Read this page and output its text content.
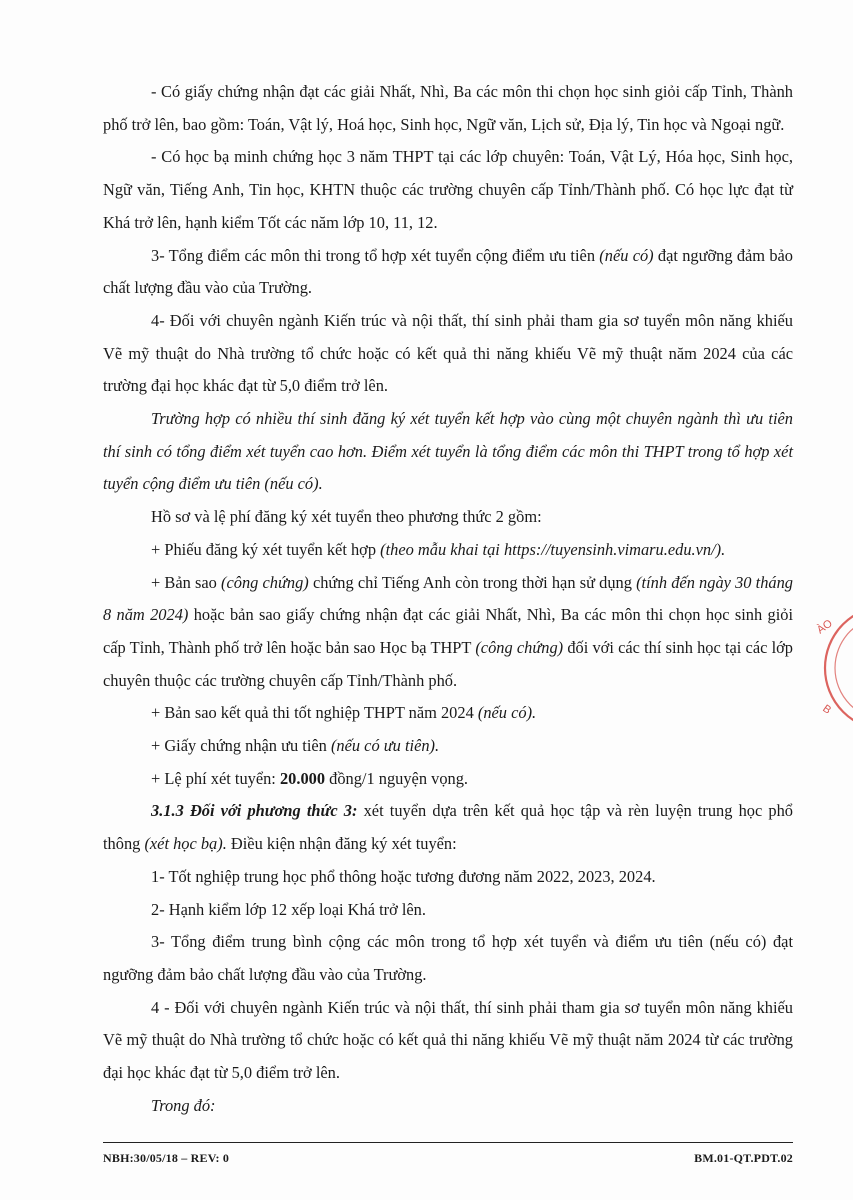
- Có giấy chứng nhận đạt các giải Nhất, Nhì, Ba các môn thi chọn học sinh giỏi cấp Tỉnh, Thành phố trở lên, bao gồm: Toán, Vật lý, Hoá học, Sinh học, Ngữ văn, Lịch sử, Địa lý, Tin học và Ngoại ngữ.

- Có học bạ minh chứng học 3 năm THPT tại các lớp chuyên: Toán, Vật Lý, Hóa học, Sinh học, Ngữ văn, Tiếng Anh, Tin học, KHTN thuộc các trường chuyên cấp Tỉnh/Thành phố. Có học lực đạt từ Khá trở lên, hạnh kiểm Tốt các năm lớp 10, 11, 12.

3- Tổng điểm các môn thi trong tổ hợp xét tuyển cộng điểm ưu tiên (nếu có) đạt ngưỡng đảm bảo chất lượng đầu vào của Trường.

4- Đối với chuyên ngành Kiến trúc và nội thất, thí sinh phải tham gia sơ tuyển môn năng khiếu Vẽ mỹ thuật do Nhà trường tổ chức hoặc có kết quả thi năng khiếu Vẽ mỹ thuật năm 2024 của các trường đại học khác đạt từ 5,0 điểm trở lên.

Trường hợp có nhiều thí sinh đăng ký xét tuyển kết hợp vào cùng một chuyên ngành thì ưu tiên thí sinh có tổng điểm xét tuyển cao hơn. Điểm xét tuyển là tổng điểm các môn thi THPT trong tổ hợp xét tuyển cộng điểm ưu tiên (nếu có).

Hồ sơ và lệ phí đăng ký xét tuyển theo phương thức 2 gồm:

+ Phiếu đăng ký xét tuyển kết hợp (theo mẫu khai tại https://tuyensinh.vimaru.edu.vn/).

+ Bản sao (công chứng) chứng chỉ Tiếng Anh còn trong thời hạn sử dụng (tính đến ngày 30 tháng 8 năm 2024) hoặc bản sao giấy chứng nhận đạt các giải Nhất, Nhì, Ba các môn thi chọn học sinh giỏi cấp Tỉnh, Thành phố trở lên hoặc bản sao Học bạ THPT (công chứng) đối với các thí sinh học tại các lớp chuyên thuộc các trường chuyên cấp Tỉnh/Thành phố.

+ Bản sao kết quả thi tốt nghiệp THPT năm 2024 (nếu có).

+ Giấy chứng nhận ưu tiên (nếu có ưu tiên).

+ Lệ phí xét tuyển: 20.000 đồng/1 nguyện vọng.

3.1.3 Đối với phương thức 3: xét tuyển dựa trên kết quả học tập và rèn luyện trung học phổ thông (xét học bạ). Điều kiện nhận đăng ký xét tuyển:

1- Tốt nghiệp trung học phổ thông hoặc tương đương năm 2022, 2023, 2024.

2- Hạnh kiểm lớp 12 xếp loại Khá trở lên.

3- Tổng điểm trung bình cộng các môn trong tổ hợp xét tuyển và điểm ưu tiên (nếu có) đạt ngưỡng đảm bảo chất lượng đầu vào của Trường.

4 - Đối với chuyên ngành Kiến trúc và nội thất, thí sinh phải tham gia sơ tuyển môn năng khiếu Vẽ mỹ thuật do Nhà trường tổ chức hoặc có kết quả thi năng khiếu Vẽ mỹ thuật năm 2024 từ các trường đại học khác đạt từ 5,0 điểm trở lên.

Trong đó:

ÀO
B
NBH:30/05/18 – REV: 0	BM.01-QT.PDT.02
